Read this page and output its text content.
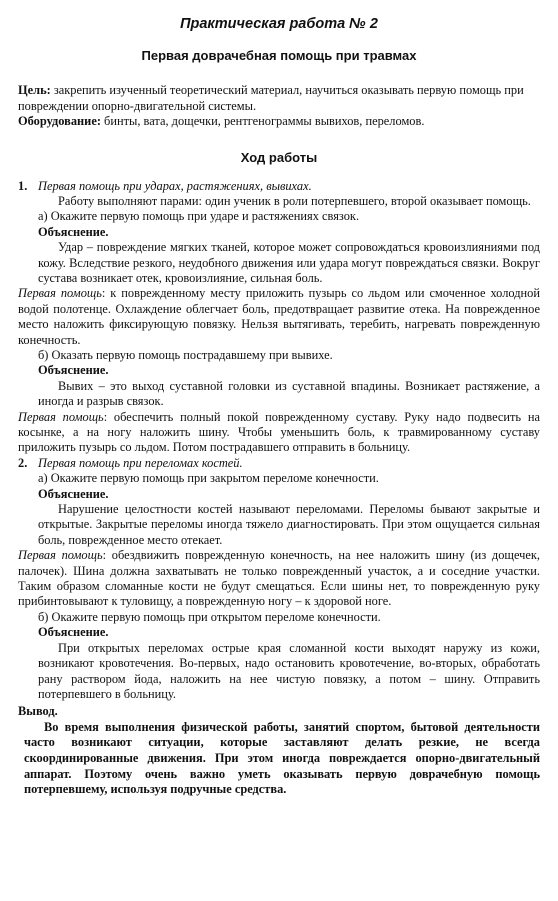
Практическая работа № 2
Первая доврачебная помощь при травмах
Цель: закрепить изученный теоретический материал, научиться оказывать первую помощь при повреждении опорно-двигательной системы.
Оборудование: бинты, вата, дощечки, рентгенограммы вывихов, переломов.
Ход работы
1. Первая помощь при ударах, растяжениях, вывихах.

Работу выполняют парами: один ученик в роли потерпевшего, второй оказывает помощь.

а) Окажите первую помощь при ударе и растяжениях связок.

Объяснение.

Удар – повреждение мягких тканей, которое может сопровождаться кровоизлияниями под кожу. Вследствие резкого, неудобного движения или удара могут повреждаться связки. Вокруг сустава возникает отек, кровоизлияние, сильная боль.

Первая помощь: к поврежденному месту приложить пузырь со льдом или смоченное холодной водой полотенце. Охлаждение облегчает боль, предотвращает развитие отека. На поврежденное место наложить фиксирующую повязку. Нельзя вытягивать, теребить, нагревать поврежденную конечность.

б) Оказать первую помощь пострадавшему при вывихе.

Объяснение.

Вывих – это выход суставной головки из суставной впадины. Возникает растяжение, а иногда и разрыв связок.

Первая помощь: обеспечить полный покой поврежденному суставу. Руку надо подвесить на косынке, а на ногу наложить шину. Чтобы уменьшить боль, к травмированному суставу приложить пузырь со льдом. Потом пострадавшего отправить в больницу.

2. Первая помощь при переломах костей.

а) Окажите первую помощь при закрытом переломе конечности.

Объяснение.

Нарушение целостности костей называют переломами. Переломы бывают закрытые и открытые. Закрытые переломы иногда тяжело диагностировать. При этом ощущается сильная боль, поврежденное место отекает.

Первая помощь: обездвижить поврежденную конечность, на нее наложить шину (из дощечек, палочек). Шина должна захватывать не только поврежденный участок, а и соседние участки. Таким образом сломанные кости не будут смещаться. Если шины нет, то поврежденную руку прибинтовывают к туловищу, а поврежденную ногу – к здоровой ноге.

б) Окажите первую помощь при открытом переломе конечности.

Объяснение.

При открытых переломах острые края сломанной кости выходят наружу из кожи, возникают кровотечения. Во-первых, надо остановить кровотечение, во-вторых, обработать рану раствором йода, наложить на нее чистую повязку, а потом – шину. Отправить потерпевшего в больницу.

Вывод.

Во время выполнения физической работы, занятий спортом, бытовой деятельности часто возникают ситуации, которые заставляют делать резкие, не всегда скоординированные движения. При этом иногда повреждается опорно-двигательный аппарат. Поэтому очень важно уметь оказывать первую доврачебную помощь потерпевшему, используя подручные средства.
